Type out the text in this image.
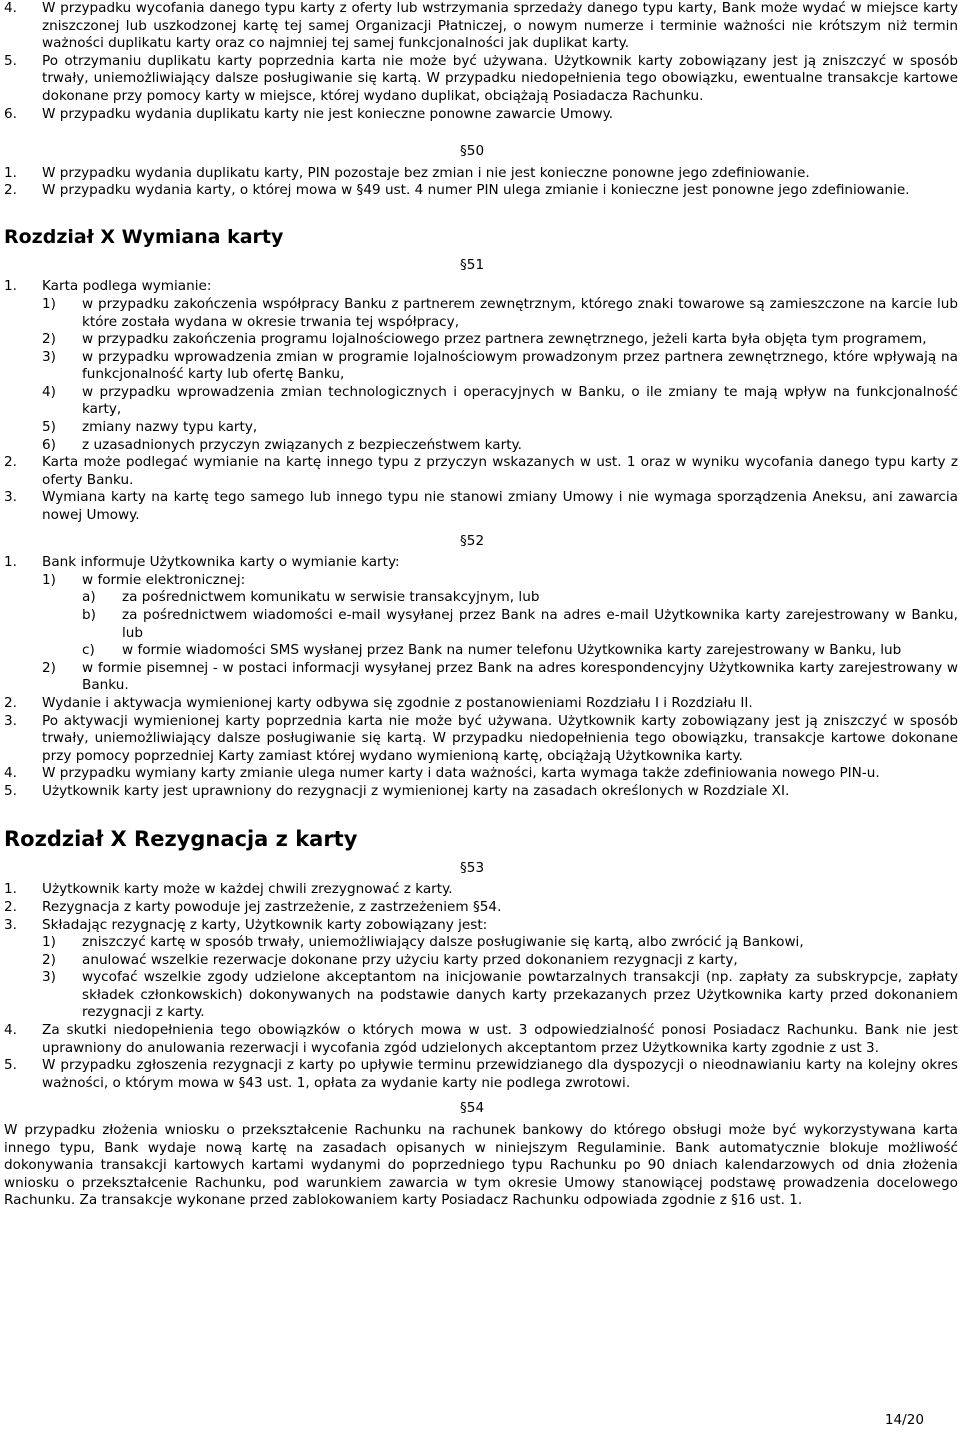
4. W przypadku wycofania danego typu karty z oferty lub wstrzymania sprzedaży danego typu karty, Bank może wydać w miejsce karty zniszczonej lub uszkodzonej kartę tej samej Organizacji Płatniczej, o nowym numerze i terminie ważności nie krótszym niż termin ważności duplikatu karty oraz co najmniej tej samej funkcjonalności jak duplikat karty.
5. Po otrzymaniu duplikatu karty poprzednia karta nie może być używana. Użytkownik karty zobowiązany jest ją zniszczyć w sposób trwały, uniemożliwiający dalsze posługiwanie się kartą. W przypadku niedopełnienia tego obowiązku, ewentualne transakcje kartowe dokonane przy pomocy karty w miejsce, której wydano duplikat, obciążają Posiadacza Rachunku.
6. W przypadku wydania duplikatu karty nie jest konieczne ponowne zawarcie Umowy.
§50
1. W przypadku wydania duplikatu karty, PIN pozostaje bez zmian i nie jest konieczne ponowne jego zdefiniowanie.
2. W przypadku wydania karty, o której mowa w §49 ust. 4 numer PIN ulega zmianie i konieczne jest ponowne jego zdefiniowanie.
Rozdział X Wymiana karty
§51
1. Karta podlega wymianie:
1) w przypadku zakończenia współpracy Banku z partnerem zewnętrznym, którego znaki towarowe są zamieszczone na karcie lub które została wydana w okresie trwania tej współpracy,
2) w przypadku zakończenia programu lojalnościowego przez partnera zewnętrznego, jeżeli karta była objęta tym programem,
3) w przypadku wprowadzenia zmian w programie lojalnościowym prowadzonym przez partnera zewnętrznego, które wpływają na funkcjonalność karty lub ofertę Banku,
4) w przypadku wprowadzenia zmian technologicznych i operacyjnych w Banku, o ile zmiany te mają wpływ na funkcjonalność karty,
5) zmiany nazwy typu karty,
6) z uzasadnionych przyczyn związanych z bezpieczeństwem karty.
2. Karta może podlegać wymianie na kartę innego typu z przyczyn wskazanych w ust. 1 oraz w wyniku wycofania danego typu karty z oferty Banku.
3. Wymiana karty na kartę tego samego lub innego typu nie stanowi zmiany Umowy i nie wymaga sporządzenia Aneksu, ani zawarcia nowej Umowy.
§52
1. Bank informuje Użytkownika karty o wymianie karty:
1) w formie elektronicznej:
a) za pośrednictwem komunikatu w serwisie transakcyjnym, lub
b) za pośrednictwem wiadomości e-mail wysyłanej przez Bank na adres e-mail Użytkownika karty zarejestrowany w Banku, lub
c) w formie wiadomości SMS wysłanej przez Bank na numer telefonu Użytkownika karty zarejestrowany w Banku, lub
2) w formie pisemnej - w postaci informacji wysyłanej przez Bank na adres korespondencyjny Użytkownika karty zarejestrowany w Banku.
2. Wydanie i aktywacja wymienionej karty odbywa się zgodnie z postanowieniami Rozdziału I i Rozdziału II.
3. Po aktywacji wymienionej karty poprzednia karta nie może być używana. Użytkownik karty zobowiązany jest ją zniszczyć w sposób trwały, uniemożliwiający dalsze posługiwanie się kartą. W przypadku niedopełnienia tego obowiązku, transakcje kartowe dokonane przy pomocy poprzedniej Karty zamiast której wydano wymienioną kartę, obciążają Użytkownika karty.
4. W przypadku wymiany karty zmianie ulega numer karty i data ważności, karta wymaga także zdefiniowania nowego PIN-u.
5. Użytkownik karty jest uprawniony do rezygnacji z wymienionej karty na zasadach określonych w Rozdziale XI.
Rozdział X Rezygnacja z karty
§53
1. Użytkownik karty może w każdej chwili zrezygnować z karty.
2. Rezygnacja z karty powoduje jej zastrzeżenie, z zastrzeżeniem §54.
3. Składając rezygnację z karty, Użytkownik karty zobowiązany jest:
1) zniszczyć kartę w sposób trwały, uniemożliwiający dalsze posługiwanie się kartą, albo zwrócić ją Bankowi,
2) anulować wszelkie rezerwacje dokonane przy użyciu karty przed dokonaniem rezygnacji z karty,
3) wycofać wszelkie zgody udzielone akceptantom na inicjowanie powtarzalnych transakcji (np. zapłaty za subskrypcje, zapłaty składek członkowskich) dokonywanych na podstawie danych karty przekazanych przez Użytkownika karty przed dokonaniem rezygnacji z karty.
4. Za skutki niedopełnienia tego obowiązków o których mowa w ust. 3 odpowiedzialność ponosi Posiadacz Rachunku. Bank nie jest uprawniony do anulowania rezerwacji i wycofania zgód udzielonych akceptantom przez Użytkownika karty zgodnie z ust 3.
5. W przypadku zgłoszenia rezygnacji z karty po upływie terminu przewidzianego dla dyspozycji o nieodnawianiu karty na kolejny okres ważności, o którym mowa w §43 ust. 1, opłata za wydanie karty nie podlega zwrotowi.
§54
W przypadku złożenia wniosku o przekształcenie Rachunku na rachunek bankowy do którego obsługi może być wykorzystywana karta innego typu, Bank wydaje nową kartę na zasadach opisanych w niniejszym Regulaminie. Bank automatycznie blokuje możliwość dokonywania transakcji kartowych kartami wydanymi do poprzedniego typu Rachunku po 90 dniach kalendarzowych od dnia złożenia wniosku o przekształcenie Rachunku, pod warunkiem zawarcia w tym okresie Umowy stanowiącej podstawę prowadzenia docelowego Rachunku. Za transakcje wykonane przed zablokowaniem karty Posiadacz Rachunku odpowiada zgodnie z §16 ust. 1.
14/20
